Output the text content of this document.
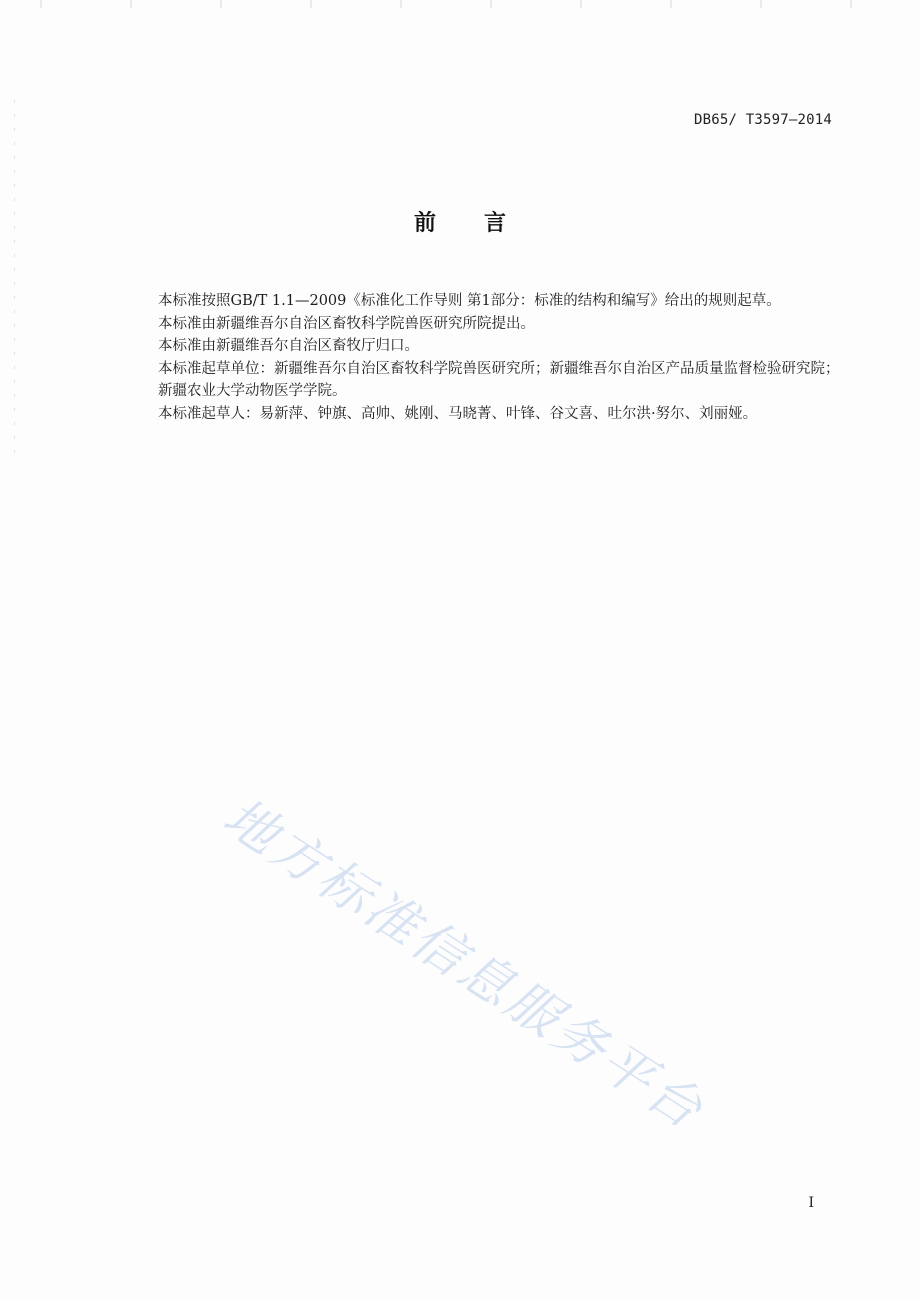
DB65/ T3597—2014
前言

本标准按照GB/T 1.1—2009《标准化工作导则 第1部分：标准的结构和编写》给出的规则起草。

本标准由新疆维吾尔自治区畜牧科学院兽医研究所院提出。

本标准由新疆维吾尔自治区畜牧厅归口。

本标准起草单位：新疆维吾尔自治区畜牧科学院兽医研究所；新疆维吾尔自治区产品质量监督检验研究院；新疆农业大学动物医学学院。

本标准起草人：易新萍、钟旗、高帅、姚刚、马晓菁、叶锋、谷文喜、吐尔洪·努尔、刘丽娅。

地方标准信息服务平台
I
